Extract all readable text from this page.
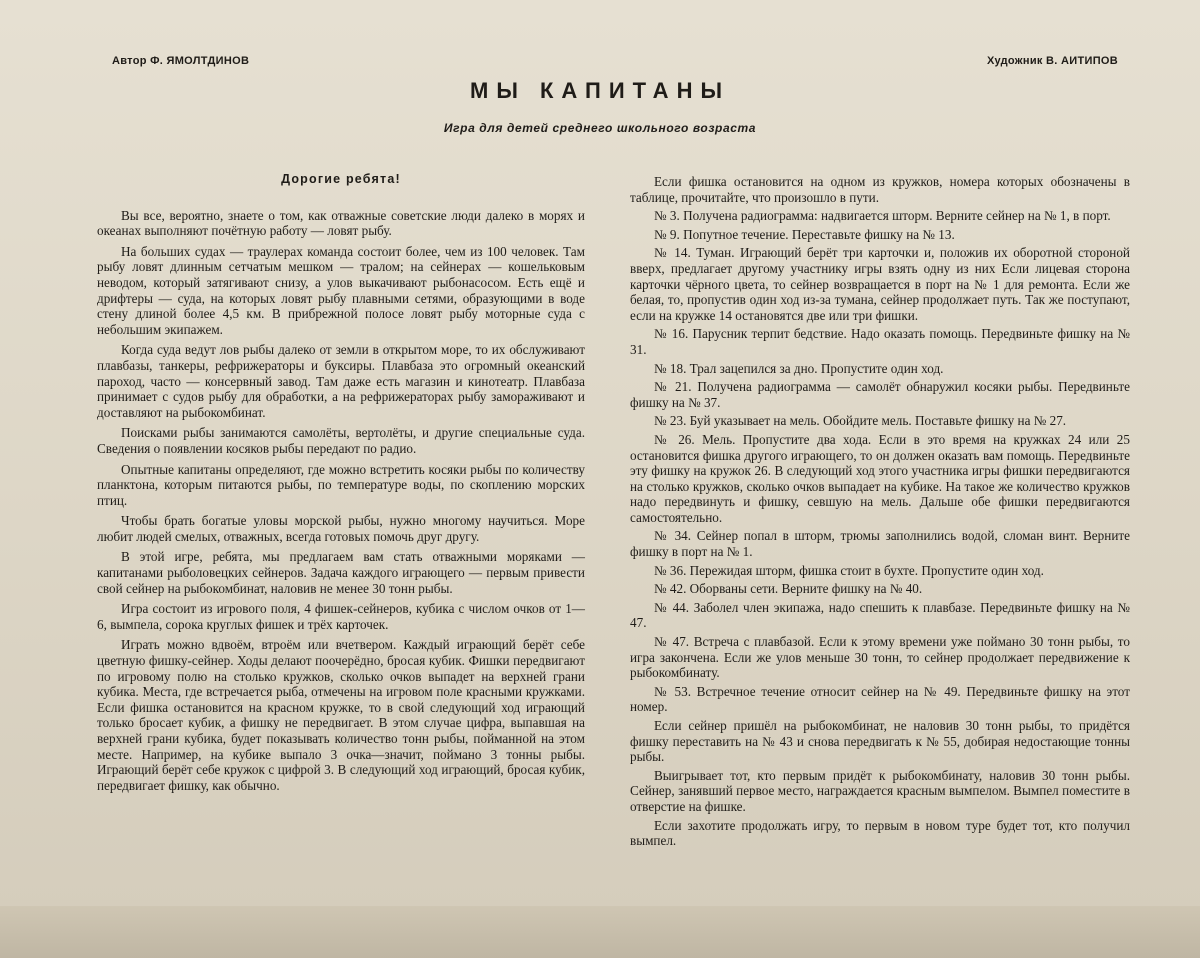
Автор Ф. ЯМОЛТДИНОВ	Художник В. АИТИПОВ
МЫ КАПИТАНЫ
Игра для детей среднего школьного возраста
Дорогие ребята!

Вы все, вероятно, знаете о том, как отважные советские люди далеко в морях и океанах выполняют почётную работу — ловят рыбу.

На больших судах — траулерах команда состоит более, чем из 100 человек. Там рыбу ловят длинным сетчатым мешком — тралом; на сейнерах — кошельковым неводом, который затягивают снизу, а улов выкачивают рыбонасосом. Есть ещё и дрифтеры — суда, на которых ловят рыбу плавными сетями, образующими в воде стену длиной более 4,5 км. В прибрежной полосе ловят рыбу моторные суда с небольшим экипажем.

Когда суда ведут лов рыбы далеко от земли в открытом море, то их обслуживают плавбазы, танкеры, рефрижераторы и буксиры. Плавбаза это огромный океанский пароход, часто — консервный завод. Там даже есть магазин и кинотеатр. Плавбаза принимает с судов рыбу для обработки, а на рефрижераторах рыбу замораживают и доставляют на рыбокомбинат.

Поисками рыбы занимаются самолёты, вертолёты, и другие специальные суда. Сведения о появлении косяков рыбы передают по радио.

Опытные капитаны определяют, где можно встретить косяки рыбы по количеству планктона, которым питаются рыбы, по температуре воды, по скоплению морских птиц.

Чтобы брать богатые уловы морской рыбы, нужно многому научиться. Море любит людей смелых, отважных, всегда готовых помочь друг другу.

В этой игре, ребята, мы предлагаем вам стать отважными моряками — капитанами рыболовецких сейнеров. Задача каждого играющего — первым привести свой сейнер на рыбокомбинат, наловив не менее 30 тонн рыбы.

Игра состоит из игрового поля, 4 фишек-сейнеров, кубика с числом очков от 1—6, вымпела, сорока круглых фишек и трёх карточек.

Играть можно вдвоём, втроём или вчетвером. Каждый играющий берёт себе цветную фишку-сейнер. Ходы делают поочерёдно, бросая кубик. Фишки передвигают по игровому полю на столько кружков, сколько очков выпадет на верхней грани кубика. Места, где встречается рыба, отмечены на игровом поле красными кружками. Если фишка остановится на красном кружке, то в свой следующий ход играющий только бросает кубик, а фишку не передвигает. В этом случае цифра, выпавшая на верхней грани кубика, будет показывать количество тонн рыбы, пойманной на этом месте. Например, на кубике выпало 3 очка—значит, поймано 3 тонны рыбы. Играющий берёт себе кружок с цифрой 3. В следующий ход играющий, бросая кубик, передвигает фишку, как обычно.

Если фишка остановится на одном из кружков, номера которых обозначены в таблице, прочитайте, что произошло в пути.

№ 3. Получена радиограмма: надвигается шторм. Верните сейнер на № 1, в порт.

№ 9. Попутное течение. Переставьте фишку на № 13.

№ 14. Туман. Играющий берёт три карточки и, положив их оборотной стороной вверх, предлагает другому участнику игры взять одну из них Если лицевая сторона карточки чёрного цвета, то сейнер возвращается в порт на № 1 для ремонта. Если же белая, то, пропустив один ход из-за тумана, сейнер продолжает путь. Так же поступают, если на кружке 14 остановятся две или три фишки.

№ 16. Парусник терпит бедствие. Надо оказать помощь. Передвиньте фишку на № 31.

№ 18. Трал зацепился за дно. Пропустите один ход.

№ 21. Получена радиограмма — самолёт обнаружил косяки рыбы. Передвиньте фишку на № 37.

№ 23. Буй указывает на мель. Обойдите мель. Поставьте фишку на № 27.

№ 26. Мель. Пропустите два хода. Если в это время на кружках 24 или 25 остановится фишка другого играющего, то он должен оказать вам помощь. Передвиньте эту фишку на кружок 26. В следующий ход этого участника игры фишки передвигаются на столько кружков, сколько очков выпадает на кубике. На такое же количество кружков надо передвинуть и фишку, севшую на мель. Дальше обе фишки передвигаются самостоятельно.

№ 34. Сейнер попал в шторм, трюмы заполнились водой, сломан винт. Верните фишку в порт на № 1.

№ 36. Пережидая шторм, фишка стоит в бухте. Пропустите один ход.

№ 42. Оборваны сети. Верните фишку на № 40.

№ 44. Заболел член экипажа, надо спешить к плавбазе. Передвиньте фишку на № 47.

№ 47. Встреча с плавбазой. Если к этому времени уже поймано 30 тонн рыбы, то игра закончена. Если же улов меньше 30 тонн, то сейнер продолжает передвижение к рыбокомбинату.

№ 53. Встречное течение относит сейнер на № 49. Передвиньте фишку на этот номер.

Если сейнер пришёл на рыбокомбинат, не наловив 30 тонн рыбы, то придётся фишку переставить на № 43 и снова передвигать к № 55, добирая недостающие тонны рыбы.

Выигрывает тот, кто первым придёт к рыбокомбинату, наловив 30 тонн рыбы. Сейнер, занявший первое место, награждается красным вымпелом. Вымпел поместите в отверстие на фишке.

Если захотите продолжать игру, то первым в новом туре будет тот, кто получил вымпел.
